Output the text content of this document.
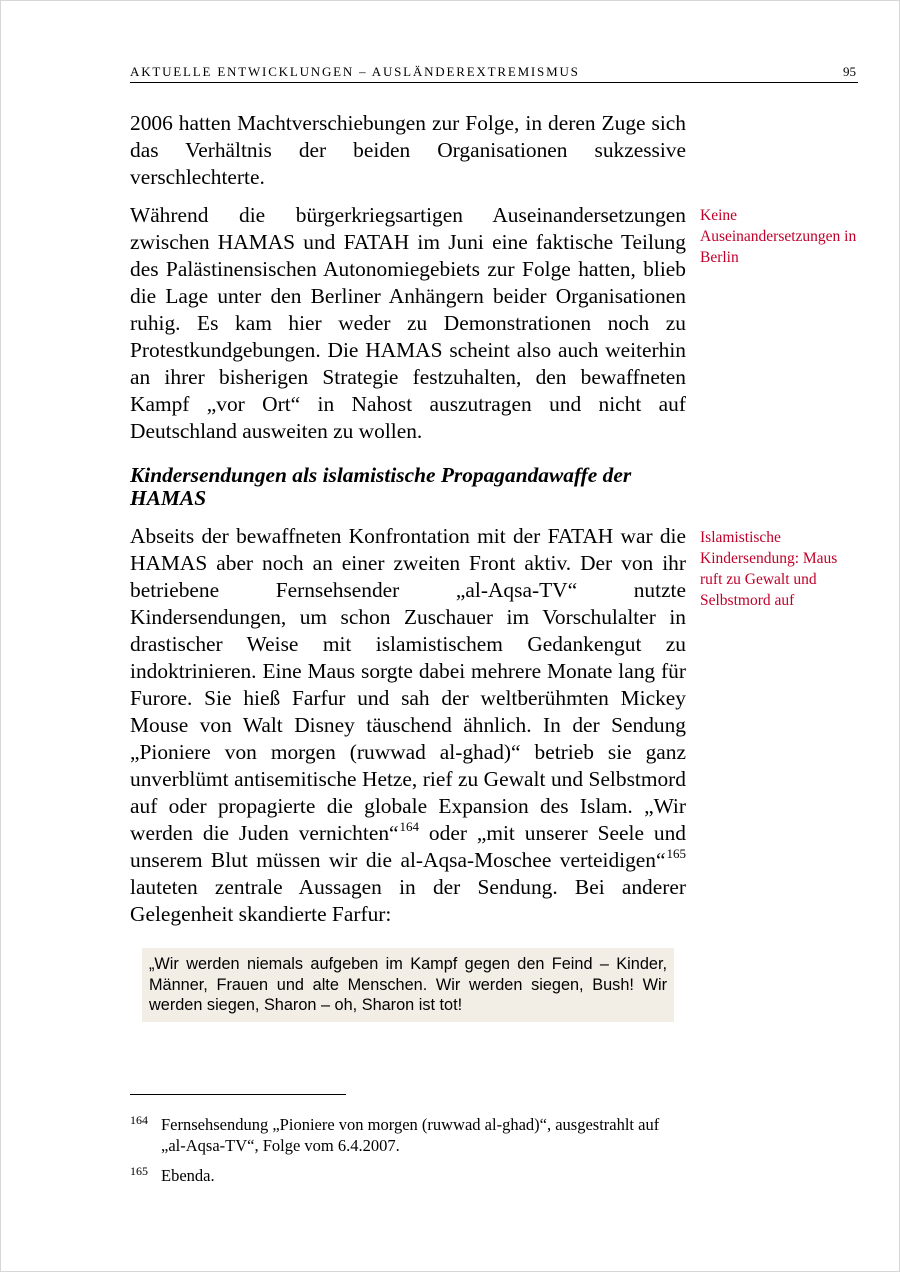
AKTUELLE ENTWICKLUNGEN – AUSLÄNDEREXTREMISMUS	95

2006 hatten Machtverschiebungen zur Folge, in deren Zuge sich das Verhältnis der beiden Organisationen sukzessive verschlechterte.

Während die bürgerkriegsartigen Auseinandersetzungen zwischen HAMAS und FATAH im Juni eine faktische Teilung des Palästinensischen Autonomiegebiets zur Folge hatten, blieb die Lage unter den Berliner Anhängern beider Organisationen ruhig. Es kam hier weder zu Demonstrationen noch zu Protestkundgebungen. Die HAMAS scheint also auch weiterhin an ihrer bisherigen Strategie festzuhalten, den bewaffneten Kampf „vor Ort“ in Nahost auszutragen und nicht auf Deutschland ausweiten zu wollen.

Keine Auseinandersetzungen in Berlin
Kindersendungen als islamistische Propagandawaffe der HAMAS

Abseits der bewaffneten Konfrontation mit der FATAH war die HAMAS aber noch an einer zweiten Front aktiv. Der von ihr betriebene Fernsehsender „al-Aqsa-TV“ nutzte Kindersendungen, um schon Zuschauer im Vorschulalter in drastischer Weise mit islamistischem Gedankengut zu indoktrinieren. Eine Maus sorgte dabei mehrere Monate lang für Furore. Sie hieß Farfur und sah der weltberühmten Mickey Mouse von Walt Disney täuschend ähnlich. In der Sendung „Pioniere von morgen (ruwwad al-ghad)“ betrieb sie ganz unverblümt antisemitische Hetze, rief zu Gewalt und Selbstmord auf oder propagierte die globale Expansion des Islam. „Wir werden die Juden vernichten“$^{164}$ oder „mit unserer Seele und unserem Blut müssen wir die al-Aqsa-Moschee verteidigen“$^{165}$ lauteten zentrale Aussagen in der Sendung. Bei anderer Gelegenheit skandierte Farfur:

Islamistische Kindersendung: Maus ruft zu Gewalt und Selbstmord auf

„Wir werden niemals aufgeben im Kampf gegen den Feind – Kinder, Männer, Frauen und alte Menschen. Wir werden siegen, Bush! Wir werden siegen, Sharon – oh, Sharon ist tot!

164 Fernsehsendung „Pioniere von morgen (ruwwad al-ghad)“, ausgestrahlt auf „al-Aqsa-TV“, Folge vom 6.4.2007.
165 Ebenda.
